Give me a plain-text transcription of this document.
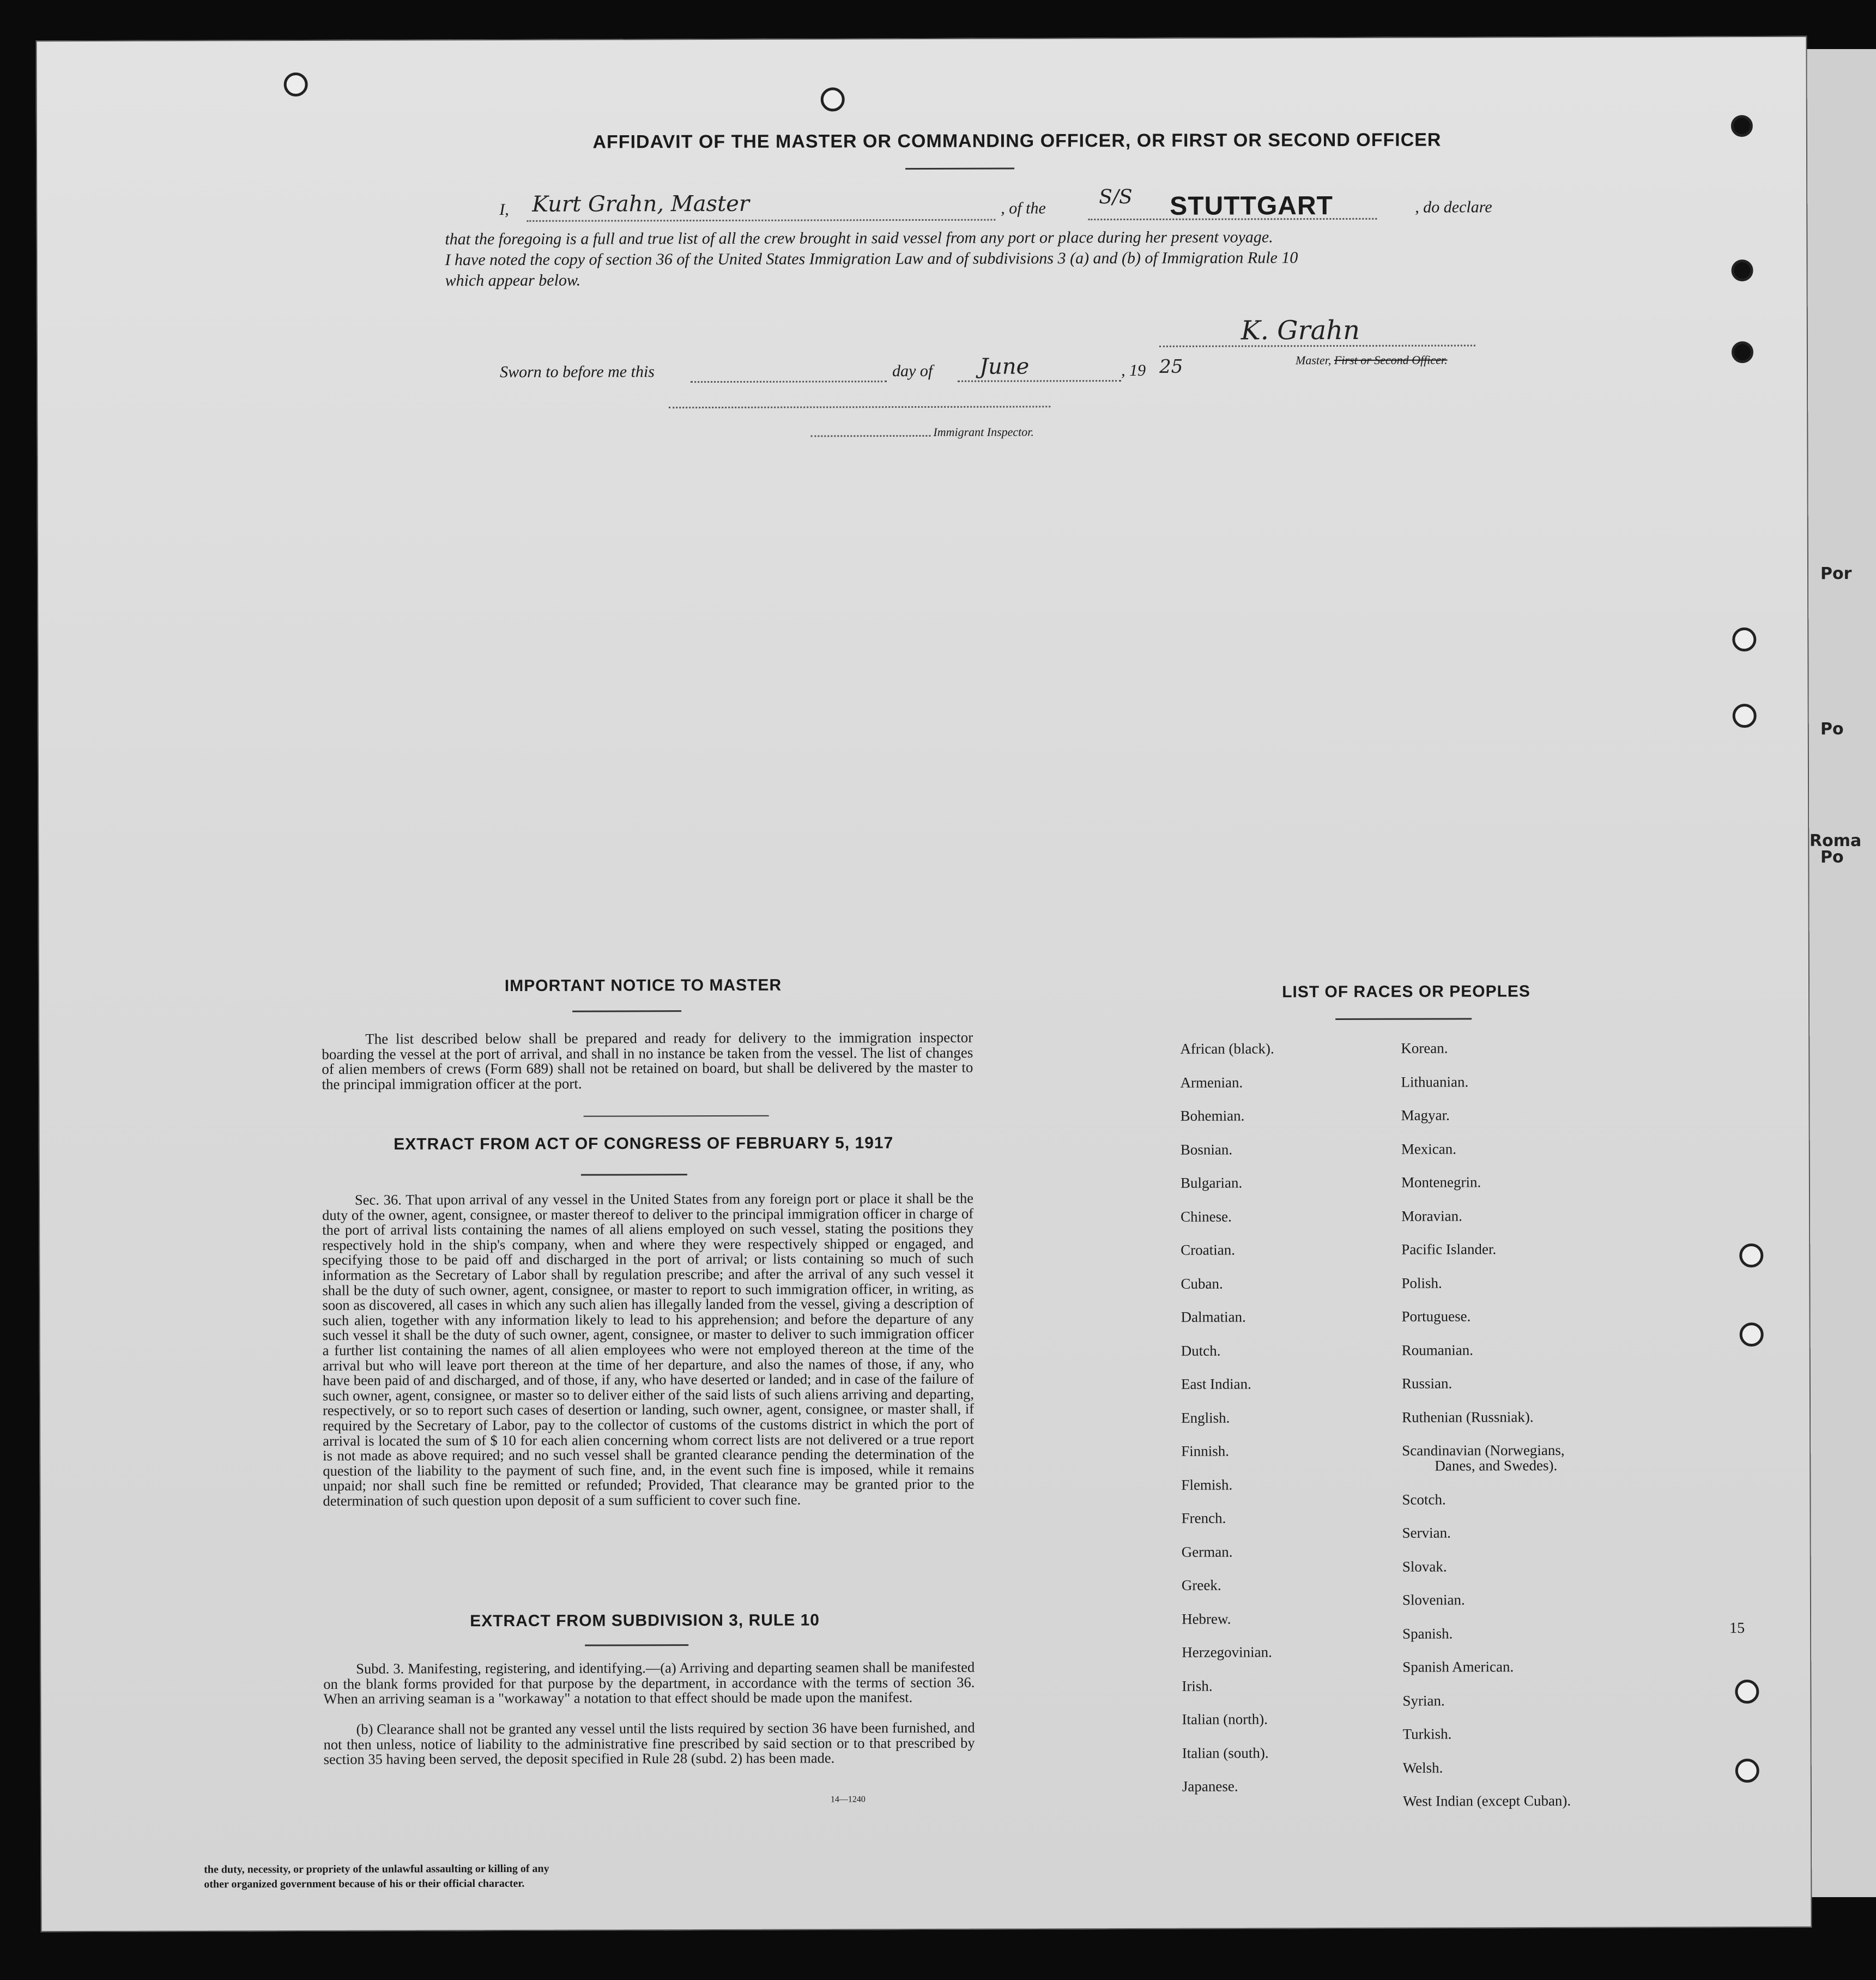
Por
Po
Roma
Po
AFFIDAVIT OF THE MASTER OR COMMANDING OFFICER, OR FIRST OR SECOND OFFICER
I, Kurt Grahn, Master	, of the	S/S STUTTGART	, do declare
that the foregoing is a full and true list of all the crew brought in said vessel from any port or place during her present voyage.
I have noted the copy of section 36 of the United States Immigration Law and of subdivisions 3 (a) and (b) of Immigration Rule 10
which appear below.
K. Grahn
Master, First or Second Officer.
Sworn to before me this	day of June	, 19 25
Immigrant Inspector.
IMPORTANT NOTICE TO MASTER
The list described below shall be prepared and ready for delivery to the immigration inspector boarding the vessel at the port of arrival, and shall in no instance be taken from the vessel. The list of changes of alien members of crews (Form 689) shall not be retained on board, but shall be delivered by the master to the principal immigration officer at the port.
EXTRACT FROM ACT OF CONGRESS OF FEBRUARY 5, 1917
Sec. 36. That upon arrival of any vessel in the United States from any foreign port or place it shall be the duty of the owner, agent, consignee, or master thereof to deliver to the principal immigration officer in charge of the port of arrival lists containing the names of all aliens employed on such vessel, stating the positions they respectively hold in the ship's company, when and where they were respectively shipped or engaged, and specifying those to be paid off and discharged in the port of arrival; or lists containing so much of such information as the Secretary of Labor shall by regulation prescribe; and after the arrival of any such vessel it shall be the duty of such owner, agent, consignee, or master to report to such immigration officer, in writing, as soon as discovered, all cases in which any such alien has illegally landed from the vessel, giving a description of such alien, together with any information likely to lead to his apprehension; and before the departure of any such vessel it shall be the duty of such owner, agent, consignee, or master to deliver to such immigration officer a further list containing the names of all alien employees who were not employed thereon at the time of the arrival but who will leave port thereon at the time of her departure, and also the names of those, if any, who have been paid of and discharged, and of those, if any, who have deserted or landed; and in case of the failure of such owner, agent, consignee, or master so to deliver either of the said lists of such aliens arriving and departing, respectively, or so to report such cases of desertion or landing, such owner, agent, consignee, or master shall, if required by the Secretary of Labor, pay to the collector of customs of the customs district in which the port of arrival is located the sum of $ 10 for each alien concerning whom correct lists are not delivered or a true report is not made as above required; and no such vessel shall be granted clearance pending the determination of the question of the liability to the payment of such fine, and, in the event such fine is imposed, while it remains unpaid; nor shall such fine be remitted or refunded; Provided, That clearance may be granted prior to the determination of such question upon deposit of a sum sufficient to cover such fine.
EXTRACT FROM SUBDIVISION 3, RULE 10
Subd. 3. Manifesting, registering, and identifying.—(a) Arriving and departing seamen shall be manifested on the blank forms provided for that purpose by the department, in accordance with the terms of section 36. When an arriving seaman is a "workaway" a notation to that effect should be made upon the manifest.
(b) Clearance shall not be granted any vessel until the lists required by section 36 have been furnished, and not then unless, notice of liability to the administrative fine prescribed by said section or to that prescribed by section 35 having been served, the deposit specified in Rule 28 (subd. 2) has been made.
14—1240
LIST OF RACES OR PEOPLES
African (black).
Armenian.
Bohemian.
Bosnian.
Bulgarian.
Chinese.
Croatian.
Cuban.
Dalmatian.
Dutch.
East Indian.
English.
Finnish.
Flemish.
French.
German.
Greek.
Hebrew.
Herzegovinian.
Irish.
Italian (north).
Italian (south).
Japanese.
Korean.
Lithuanian.
Magyar.
Mexican.
Montenegrin.
Moravian.
Pacific Islander.
Polish.
Portuguese.
Roumanian.
Russian.
Ruthenian (Russniak).
Scandinavian (Norwegians,
Danes, and Swedes).
Scotch.
Servian.
Slovak.
Slovenian.
Spanish.
Spanish American.
Syrian.
Turkish.
Welsh.
West Indian (except Cuban).
15
the duty, necessity, or propriety of the unlawful assaulting or killing of any
other organized government because of his or their official character.
